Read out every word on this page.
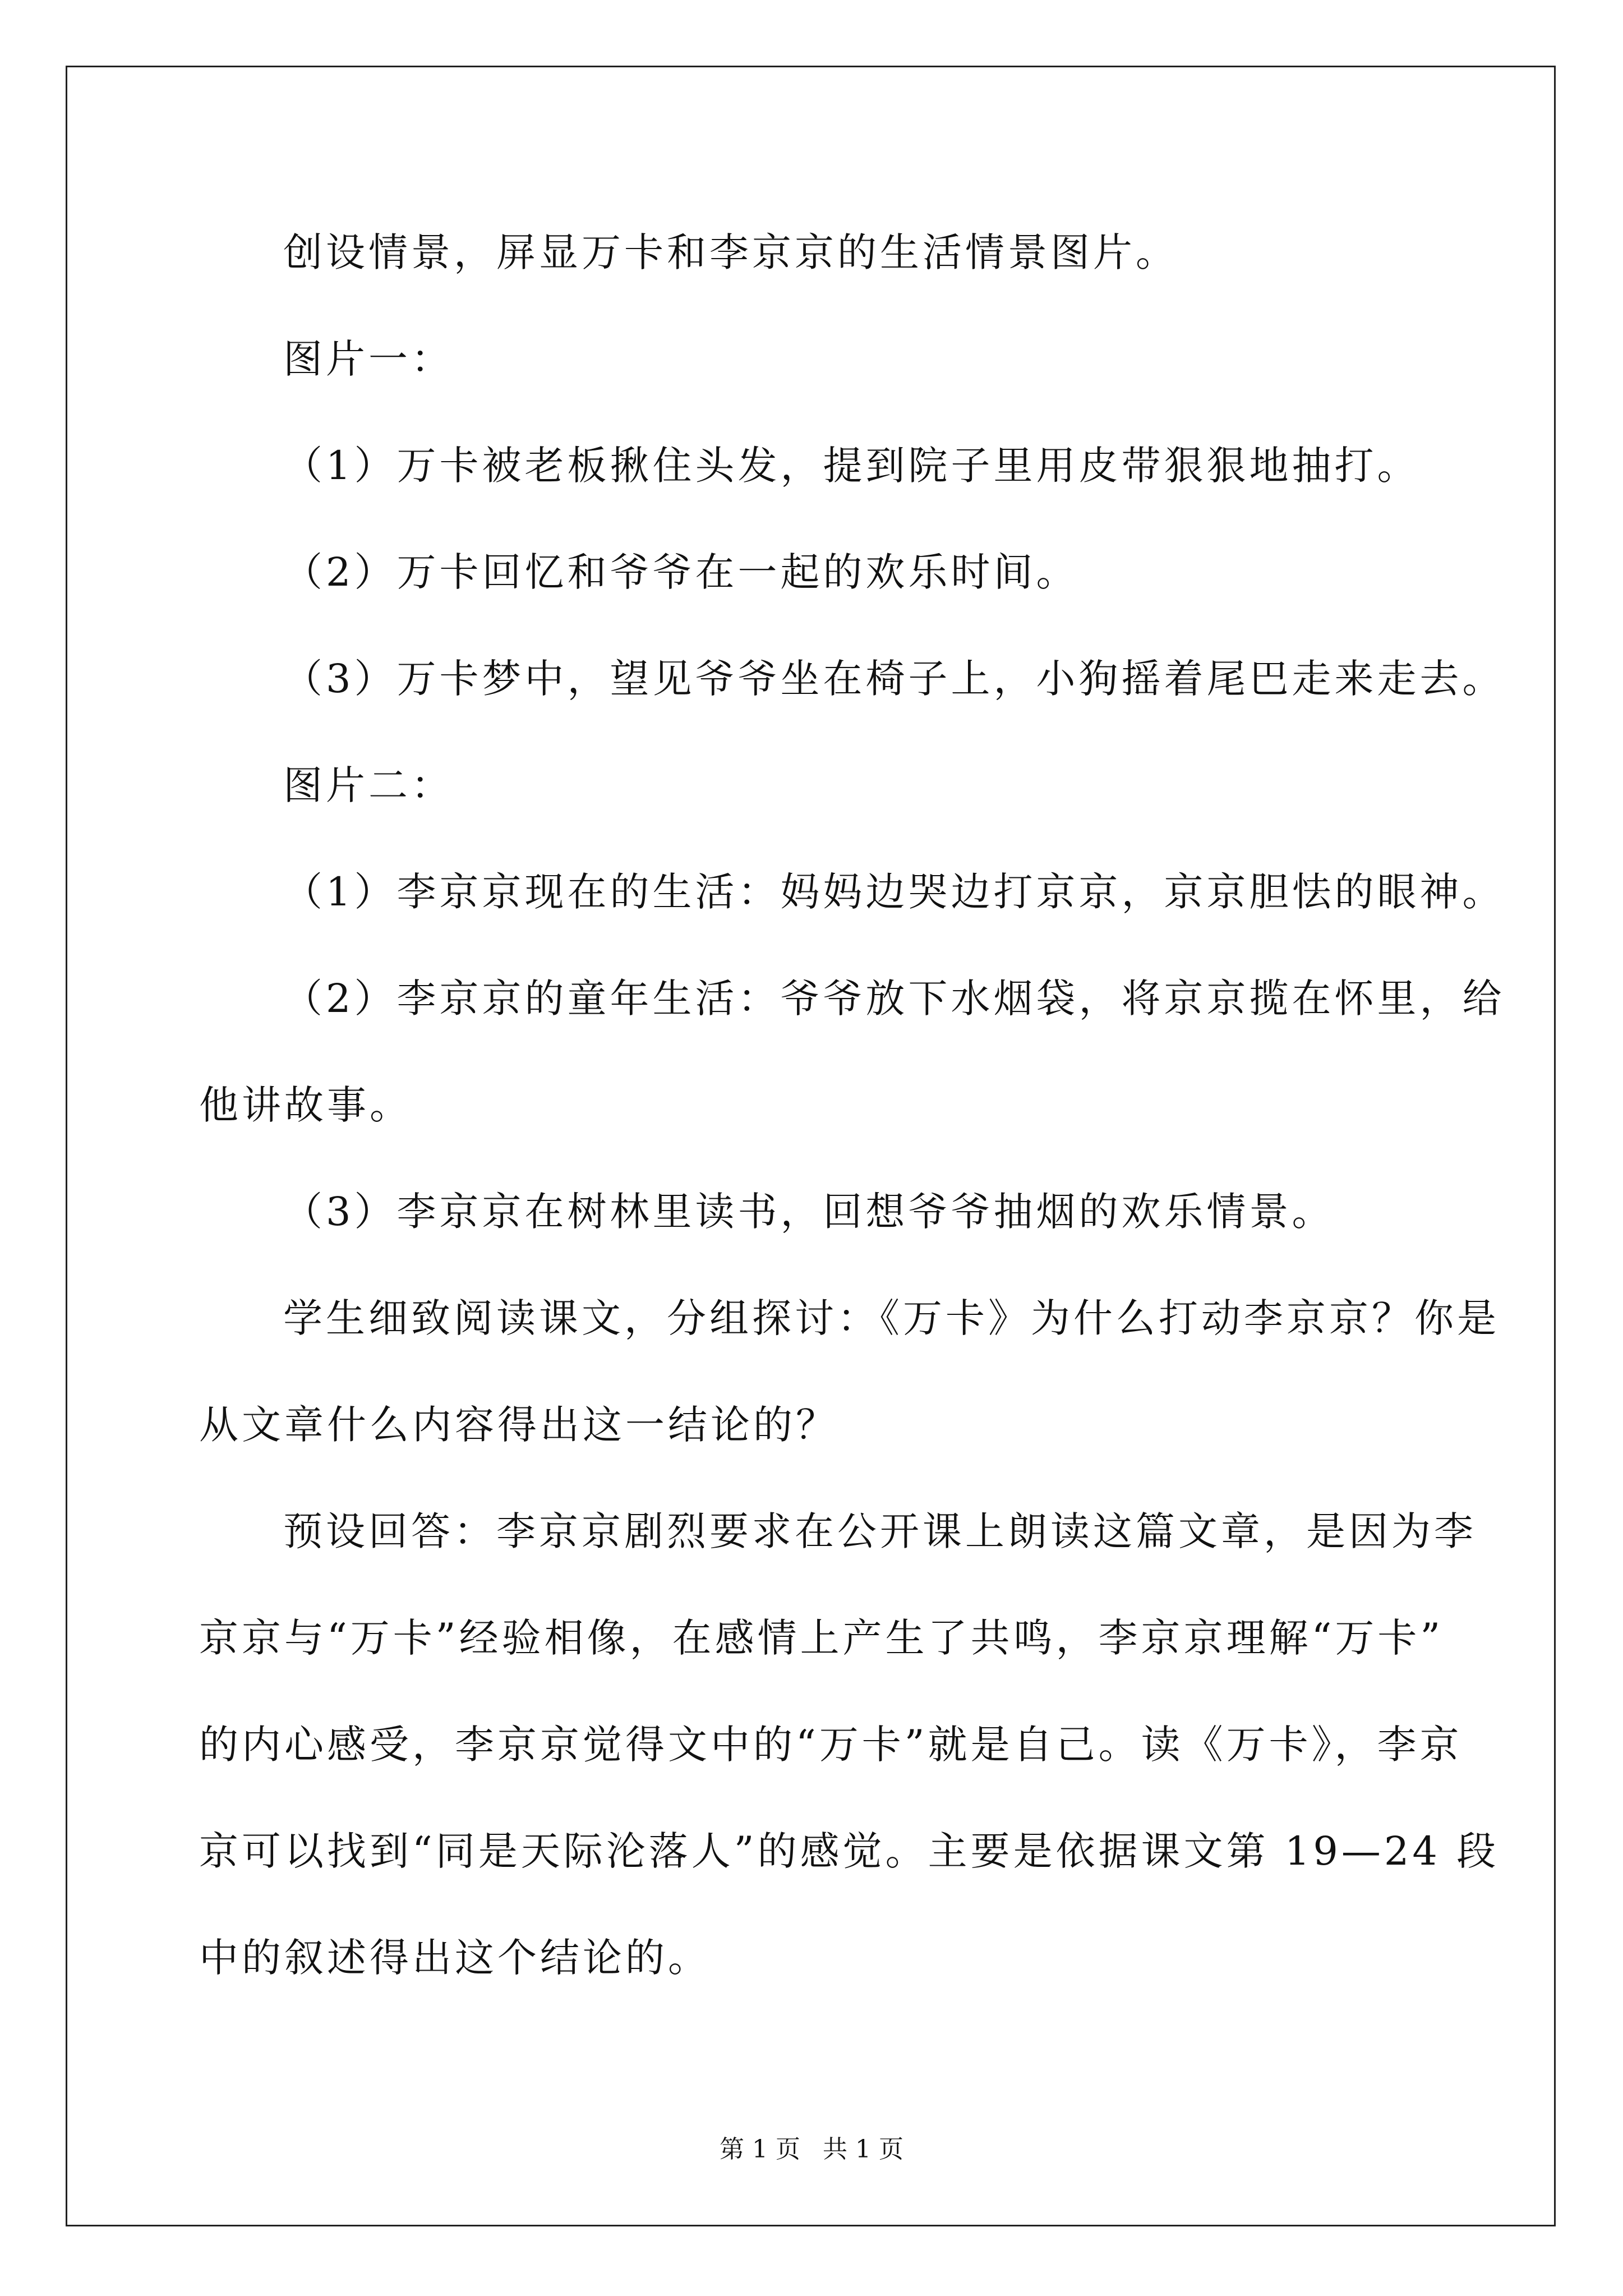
创设情景，屏显万卡和李京京的生活情景图片。
图片一：
（1）万卡被老板揪住头发，提到院子里用皮带狠狠地抽打。
（2）万卡回忆和爷爷在一起的欢乐时间。
（3）万卡梦中，望见爷爷坐在椅子上，小狗摇着尾巴走来走去。
图片二：
（1）李京京现在的生活：妈妈边哭边打京京，京京胆怯的眼神。
（2）李京京的童年生活：爷爷放下水烟袋，将京京揽在怀里，给
他讲故事。
（3）李京京在树林里读书，回想爷爷抽烟的欢乐情景。
学生细致阅读课文，分组探讨：《万卡》为什么打动李京京？你是
从文章什么内容得出这一结论的？
预设回答：李京京剧烈要求在公开课上朗读这篇文章，是因为李
京京与“万卡”经验相像，在感情上产生了共鸣，李京京理解“万卡”
的内心感受，李京京觉得文中的“万卡”就是自己。读《万卡》，李京
京可以找到“同是天际沦落人”的感觉。主要是依据课文第 19—24 段
中的叙述得出这个结论的。
第 1 页 共 1 页
